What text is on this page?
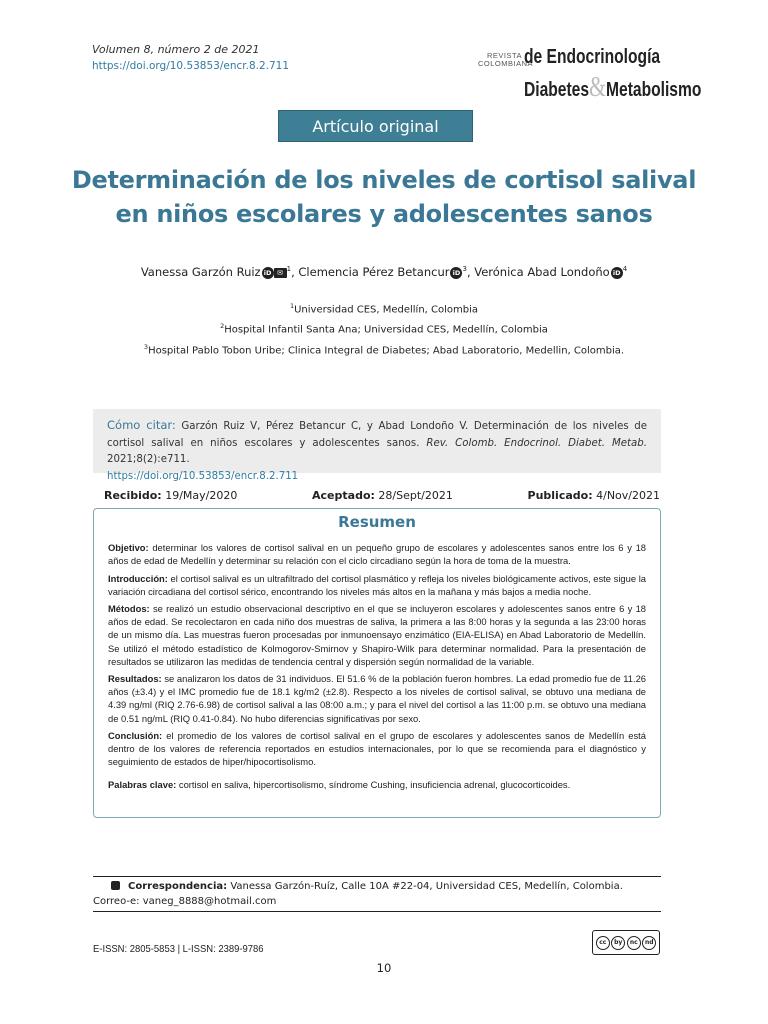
Volumen 8, número 2 de 2021
https://doi.org/10.53853/encr.8.2.711
REVISTA
COLOMBIANA
de Endocrinología
Diabetes&Metabolismo
Artículo original
Determinación de los niveles de cortisol salival en niños escolares y adolescentes sanos
Vanessa Garzón Ruiz iD ✉ $^1$, Clemencia Pérez Betancur iD $^3$, Verónica Abad Londoño iD $^4$
$^1$Universidad CES, Medellín, Colombia
$^2$Hospital Infantil Santa Ana; Universidad CES, Medellín, Colombia
$^3$Hospital Pablo Tobon Uribe; Clinica Integral de Diabetes; Abad Laboratorio, Medellin, Colombia.
Cómo citar: Garzón Ruiz V, Pérez Betancur C, y Abad Londoño V. Determinación de los niveles de cortisol salival en niños escolares y adolescentes sanos. Rev. Colomb. Endocrinol. Diabet. Metab. 2021;8(2):e711.
https://doi.org/10.53853/encr.8.2.711
Recibido: 19/May/2020	Aceptado: 28/Sept/2021	Publicado: 4/Nov/2021
Resumen

Objetivo: determinar los valores de cortisol salival en un pequeño grupo de escolares y adolescentes sanos entre los 6 y 18 años de edad de Medellín y determinar su relación con el ciclo circadiano según la hora de toma de la muestra.

Introducción: el cortisol salival es un ultrafiltrado del cortisol plasmático y refleja los niveles biológicamente activos, este sigue la variación circadiana del cortisol sérico, encontrando los niveles más altos en la mañana y más bajos a media noche.

Métodos: se realizó un estudio observacional descriptivo en el que se incluyeron escolares y adolescentes sanos entre 6 y 18 años de edad. Se recolectaron en cada niño dos muestras de saliva, la primera a las 8:00 horas y la segunda a las 23:00 horas de un mismo día. Las muestras fueron procesadas por inmunoensayo enzimático (EIA-ELISA) en Abad Laboratorio de Medellín. Se utilizó el método estadístico de Kolmogorov-Smirnov y Shapiro-Wilk para determinar normalidad. Para la presentación de resultados se utilizaron las medidas de tendencia central y dispersión según normalidad de la variable.

Resultados: se analizaron los datos de 31 individuos. El 51.6 % de la población fueron hombres. La edad promedio fue de 11.26 años (±3.4) y el IMC promedio fue de 18.1 kg/m2 (±2.8). Respecto a los niveles de cortisol salival, se obtuvo una mediana de 4.39 ng/ml (RIQ 2.76-6.98) de cortisol salival a las 08:00 a.m.; y para el nivel del cortisol a las 11:00 p.m. se obtuvo una mediana de 0.51 ng/mL (RIQ 0.41-0.84). No hubo diferencias significativas por sexo.

Conclusión: el promedio de los valores de cortisol salival en el grupo de escolares y adolescentes sanos de Medellín está dentro de los valores de referencia reportados en estudios internacionales, por lo que se recomienda para el diagnóstico y seguimiento de estados de hiper/hipocortisolismo.

Palabras clave: cortisol en saliva, hipercortisolismo, síndrome Cushing, insuficiencia adrenal, glucocorticoides.

Correspondencia: Vanessa Garzón-Ruíz, Calle 10A #22-04, Universidad CES, Medellín, Colombia.
Correo-e: vaneg_8888@hotmail.com
E-ISSN: 2805-5853 | L-ISSN: 2389-9786
cc	by	nc	nd
10
